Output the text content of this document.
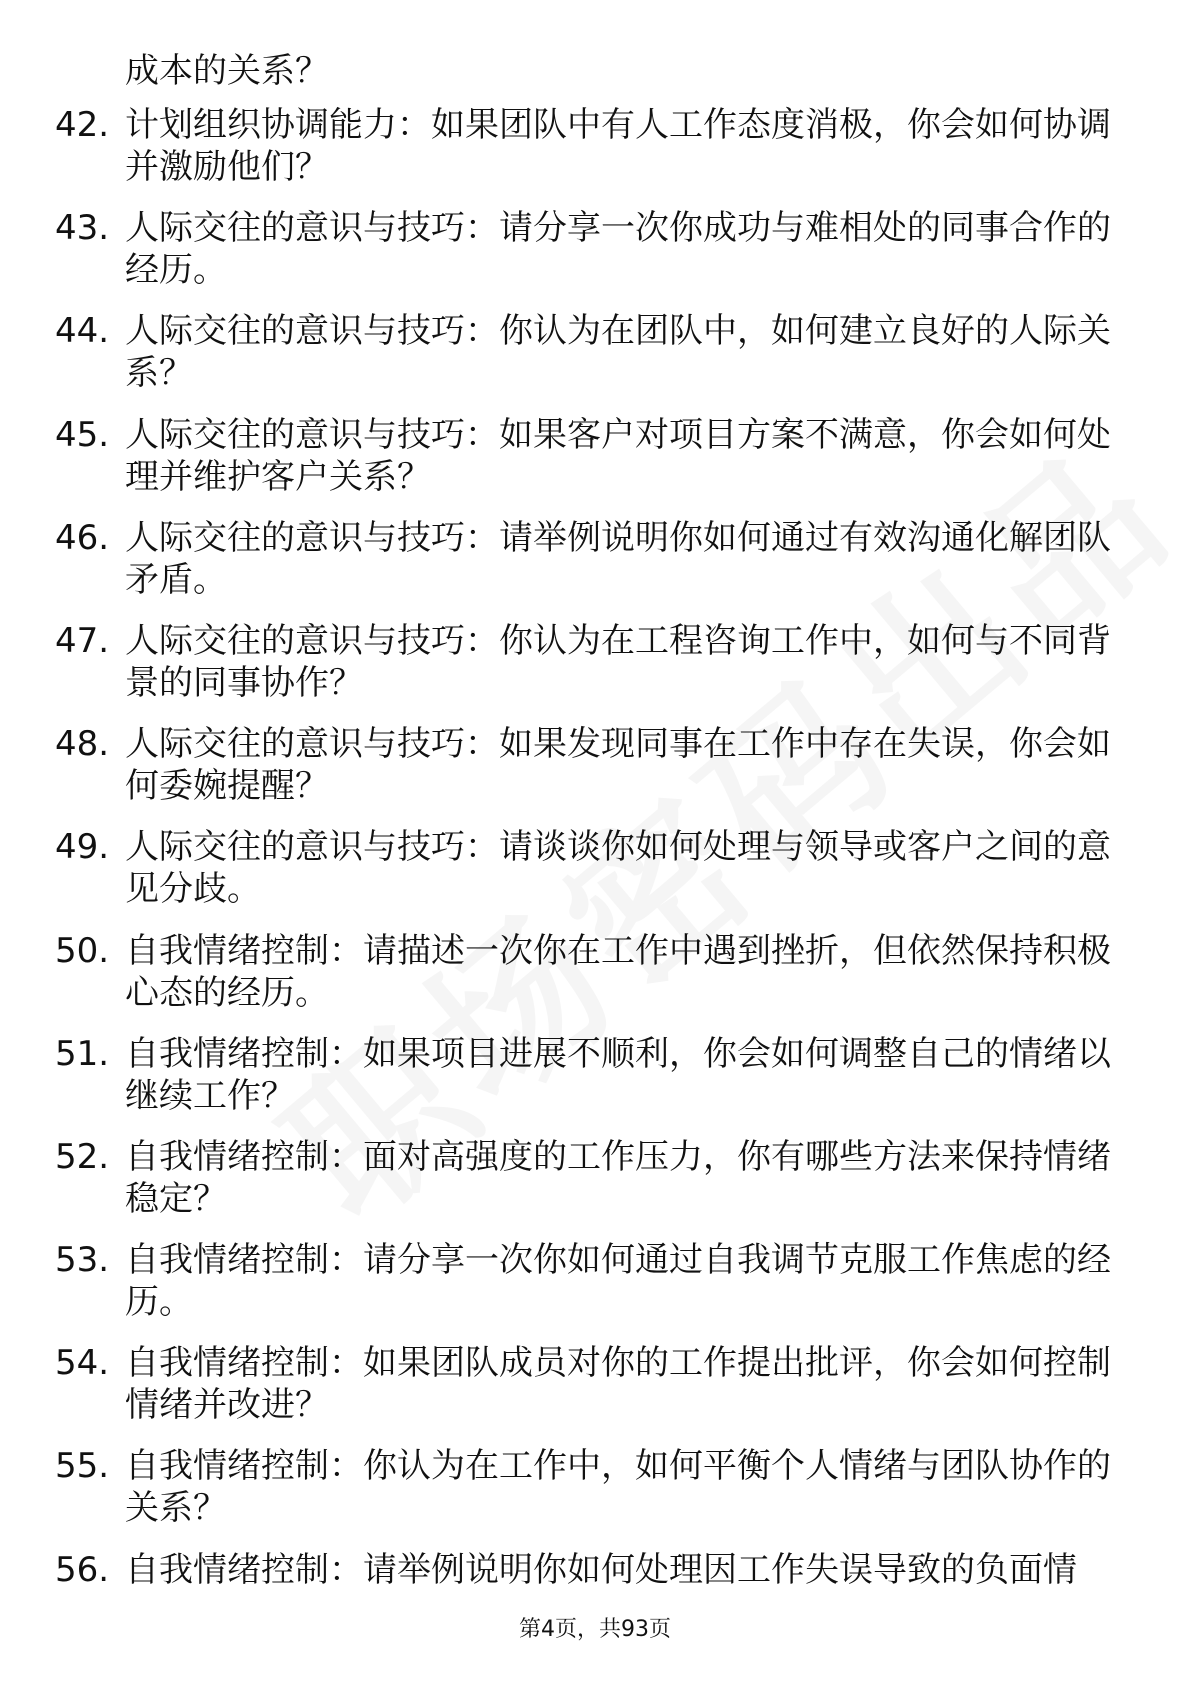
成本的关系？
42. 计划组织协调能力：如果团队中有人工作态度消极，你会如何协调并激励他们？
43. 人际交往的意识与技巧：请分享一次你成功与难相处的同事合作的经历。
44. 人际交往的意识与技巧：你认为在团队中，如何建立良好的人际关系？
45. 人际交往的意识与技巧：如果客户对项目方案不满意，你会如何处理并维护客户关系？
46. 人际交往的意识与技巧：请举例说明你如何通过有效沟通化解团队矛盾。
47. 人际交往的意识与技巧：你认为在工程咨询工作中，如何与不同背景的同事协作？
48. 人际交往的意识与技巧：如果发现同事在工作中存在失误，你会如何委婉提醒？
49. 人际交往的意识与技巧：请谈谈你如何处理与领导或客户之间的意见分歧。
50. 自我情绪控制：请描述一次你在工作中遇到挫折，但依然保持积极心态的经历。
51. 自我情绪控制：如果项目进展不顺利，你会如何调整自己的情绪以继续工作？
52. 自我情绪控制：面对高强度的工作压力，你有哪些方法来保持情绪稳定？
53. 自我情绪控制：请分享一次你如何通过自我调节克服工作焦虑的经历。
54. 自我情绪控制：如果团队成员对你的工作提出批评，你会如何控制情绪并改进？
55. 自我情绪控制：你认为在工作中，如何平衡个人情绪与团队协作的关系？
56. 自我情绪控制：请举例说明你如何处理因工作失误导致的负面情
第4页，共93页
